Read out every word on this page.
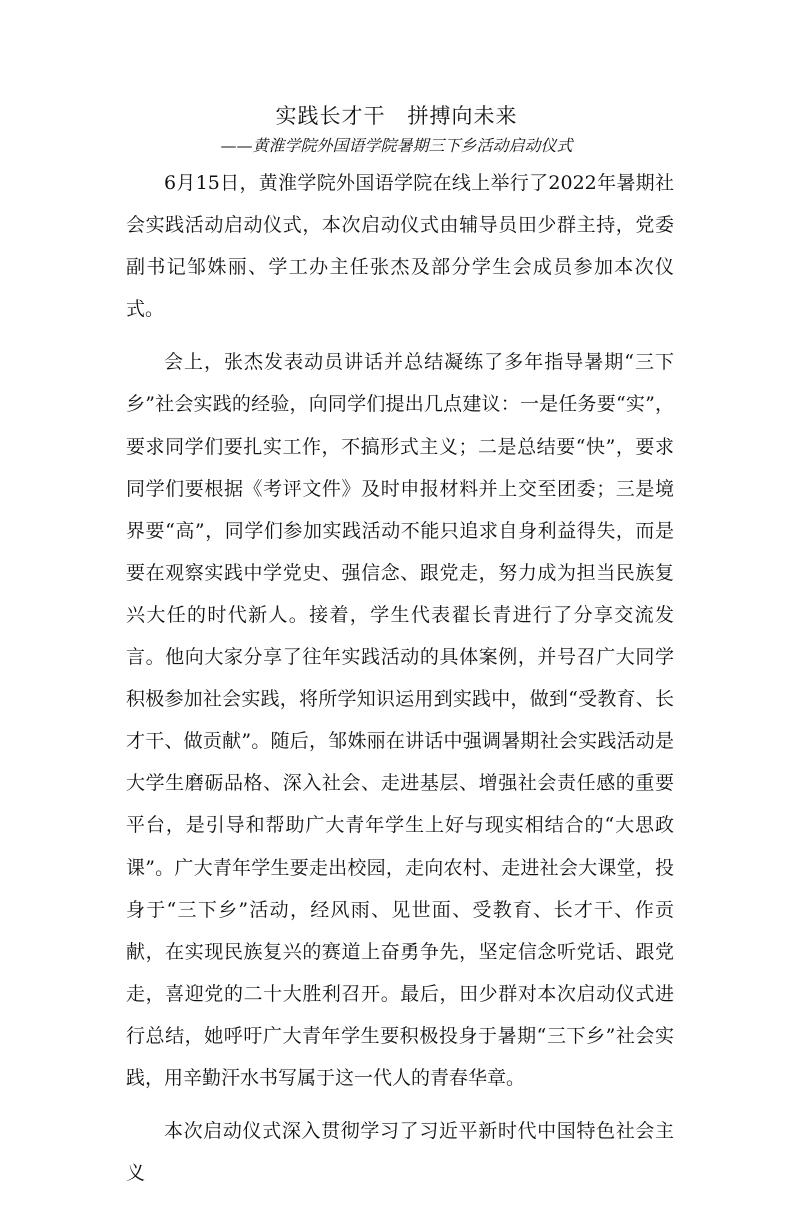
实践长才干　拼搏向未来
——黄淮学院外国语学院暑期三下乡活动启动仪式

6月15日，黄淮学院外国语学院在线上举行了2022年暑期社会实践活动启动仪式，本次启动仪式由辅导员田少群主持，党委副书记邹姝丽、学工办主任张杰及部分学生会成员参加本次仪式。

会上，张杰发表动员讲话并总结凝练了多年指导暑期“三下乡”社会实践的经验，向同学们提出几点建议：一是任务要“实”，要求同学们要扎实工作，不搞形式主义；二是总结要“快”，要求同学们要根据《考评文件》及时申报材料并上交至团委；三是境界要“高”，同学们参加实践活动不能只追求自身利益得失，而是要在观察实践中学党史、强信念、跟党走，努力成为担当民族复兴大任的时代新人。接着，学生代表翟长青进行了分享交流发言。他向大家分享了往年实践活动的具体案例，并号召广大同学积极参加社会实践，将所学知识运用到实践中，做到“受教育、长才干、做贡献”。随后，邹姝丽在讲话中强调暑期社会实践活动是大学生磨砺品格、深入社会、走进基层、增强社会责任感的重要平台，是引导和帮助广大青年学生上好与现实相结合的“大思政课”。广大青年学生要走出校园，走向农村、走进社会大课堂，投身于“三下乡”活动，经风雨、见世面、受教育、长才干、作贡献，在实现民族复兴的赛道上奋勇争先，坚定信念听党话、跟党走，喜迎党的二十大胜利召开。最后，田少群对本次启动仪式进行总结，她呼吁广大青年学生要积极投身于暑期“三下乡”社会实践，用辛勤汗水书写属于这一代人的青春华章。

本次启动仪式深入贯彻学习了习近平新时代中国特色社会主义
